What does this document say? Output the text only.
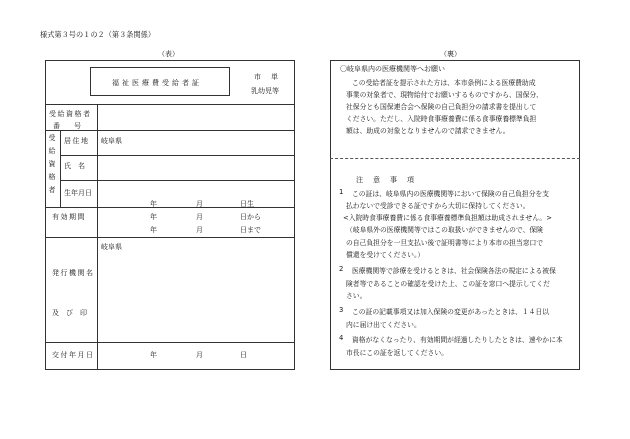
様式第３号の１の２（第３条関係）
（表）	（裏）
福祉医療費受給者証
市　単
乳幼児等
受給資格者
番　　号
受
給
資
格
者
居住地 岐阜県
氏　名
生年月日
年	月	日生
有効期間	年	月	日から
年	月	日まで
岐阜県
発行機関名
及　び　印
交付年月日	年	月	日
〇岐阜県内の医療機関等へお願い
この受給者証を提示された方は、本市条例による医療費助成
事業の対象者で、現物給付でお願いするものですから、国保分、
社保分とも国保連合会へ保険の自己負担分の請求書を提出して
ください。ただし、入院時食事療養費に係る食事療養標準負担
額は、助成の対象となりませんので請求できません。
注　意　事　項
1 この証は、岐阜県内の医療機関等において保険の自己負担分を支
払わないで受診できる証ですから大切に保持してください。
<入院時食事療養費に係る食事療養標準負担額は助成されません。>
（岐阜県外の医療機関等ではこの取扱いができませんので、保険
の自己負担分を一旦支払い後で証明書等により本市の担当窓口で
償還を受けてください。）
2 医療機関等で診療を受けるときは、社会保険各法の規定による被保
険者等であることの確認を受けた上、この証を窓口へ提示してくだ
さい。
3 この証の記載事項又は加入保険の変更があったときは、１４日以
内に届け出てください。
4 資格がなくなったり、有効期間が経過したりしたときは、速やかに本
市長にこの証を返してください。
